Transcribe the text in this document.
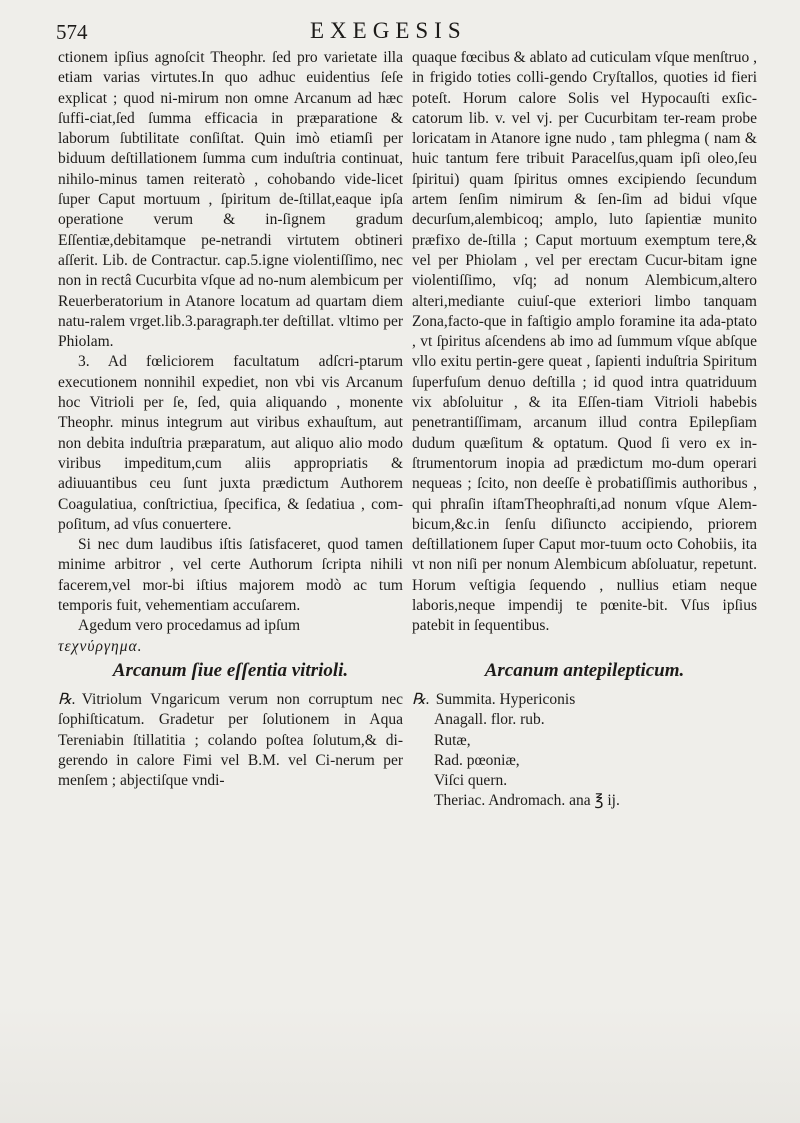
574	EXEGESIS

ctionem ipſius agnoſcit Theophr. ſed pro varietate illa etiam varias virtutes.In quo adhuc euidentius ſeſe explicat ; quod ni-mirum non omne Arcanum ad hæc ſuffi-ciat,ſed ſumma efficacia in præparatione & laborum ſubtilitate conſiſtat. Quin imò etiamſi per biduum deſtillationem ſumma cum induſtria continuat, nihilo-minus tamen reiteratò , cohobando vide-licet ſuper Caput mortuum , ſpiritum de-ſtillat,eaque ipſa operatione verum & in-ſignem gradum Eſſentiæ,debitamque pe-netrandi virtutem obtineri aſſerit. Lib. de Contractur. cap.5.igne violentiſſimo, nec non in rectâ Cucurbita vſque ad no-num alembicum per Reuerberatorium in Atanore locatum ad quartam diem natu-ralem vrget.lib.3.paragraph.ter deſtillat. vltimo per Phiolam.

3. Ad fœliciorem facultatum adſcri-ptarum executionem nonnihil expediet, non vbi vis Arcanum hoc Vitrioli per ſe, ſed, quia aliquando , monente Theophr. minus integrum aut viribus exhauſtum, aut non debita induſtria præparatum, aut aliquo alio modo viribus impeditum,cum aliis appropriatis & adiuuantibus ceu ſunt juxta prædictum Authorem Coagulatiua, conſtrictiua, ſpecifica, & ſedatiua , com-poſitum, ad vſus conuertere.

Si nec dum laudibus iſtis ſatisfaceret, quod tamen minime arbitror , vel certe Authorum ſcripta nihili facerem,vel mor-bi iſtius majorem modò ac tum temporis fuit, vehementiam accuſarem.

Agedum vero procedamus ad ipſum

τεχνύργημα.

quaque fœcibus & ablato ad cuticulam vſque menſtruo , in frigido toties colli-gendo Cryſtallos, quoties id fieri poteſt. Horum calore Solis vel Hypocauſti exſic-catorum lib. v. vel vj. per Cucurbitam ter-ream probe loricatam in Atanore igne nudo , tam phlegma ( nam & huic tantum fere tribuit Paracelſus,quam ipſi oleo,ſeu ſpiritui) quam ſpiritus omnes excipiendo ſecundum artem ſenſim nimirum & ſen-ſim ad bidui vſque decurſum,alembicoq; amplo, luto ſapientiæ munito præfixo de-ſtilla ; Caput mortuum exemptum tere,& vel per Phiolam , vel per erectam Cucur-bitam igne violentiſſimo, vſq; ad nonum Alembicum,altero alteri,mediante cuiuſ-que exteriori limbo tanquam Zona,facto-que in faſtigio amplo foramine ita ada-ptato , vt ſpiritus aſcendens ab imo ad ſummum vſque abſque vllo exitu pertin-gere queat , ſapienti induſtria Spiritum ſuperfuſum denuo deſtilla ; id quod intra quatriduum vix abſoluitur , & ita Eſſen-tiam Vitrioli habebis penetrantiſſimam, arcanum illud contra Epilepſiam dudum quæſitum & optatum. Quod ſi vero ex in-ſtrumentorum inopia ad prædictum mo-dum operari nequeas ; ſcito, non deeſſe è probatiſſimis authoribus , qui phraſin iſtamTheophraſti,ad nonum vſque Alem-bicum,&c.in ſenſu diſiuncto accipiendo, priorem deſtillationem ſuper Caput mor-tuum octo Cohobiis, ita vt non niſi per nonum Alembicum abſoluatur, repetunt. Horum veſtigia ſequendo , nullius etiam neque laboris,neque impendij te pœnite-bit. Vſus ipſius patebit in ſequentibus.

Arcanum ſiue eſſentia vitrioli.	Arcanum antepilepticum.

℞. Vitriolum Vngaricum verum non corruptum nec ſophiſticatum. Gradetur per ſolutionem in Aqua Tereniabin ſtillatitia ; colando poſtea ſolutum,& di-gerendo in calore Fimi vel B.M. vel Ci-nerum per menſem ; abjectiſque vndi-

℞. Summita. Hypericonis

Anagall. flor. rub.

Rutæ,

Rad. pœoniæ,

Viſci quern.

Theriac. Andromach. ana ℥ ij.
